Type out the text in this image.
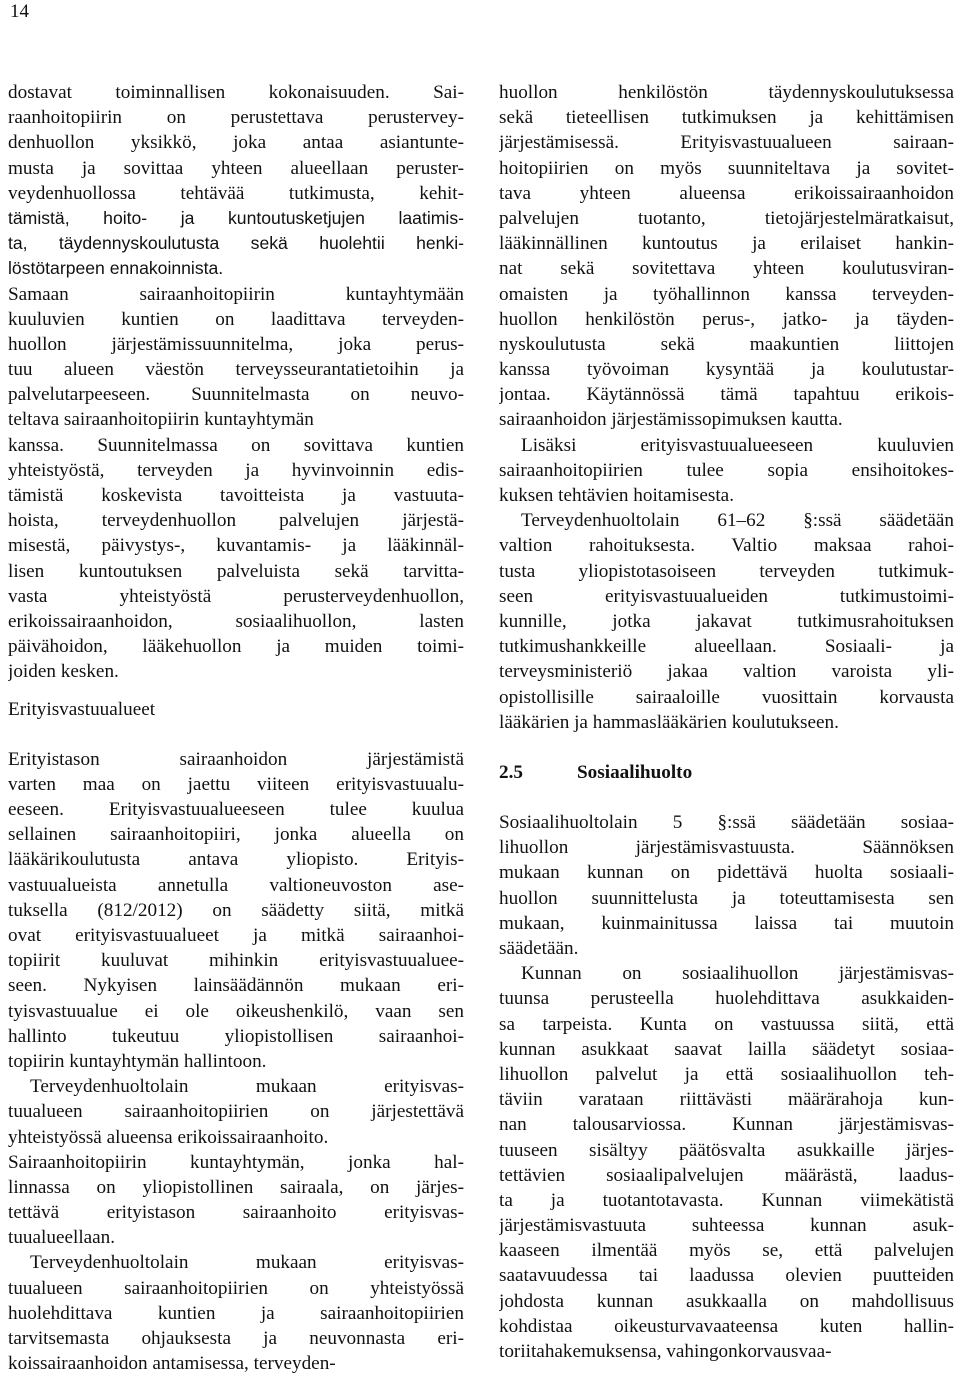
14
dostavat toiminnallisen kokonaisuuden. Sai-
raanhoitopiirin on perustettava perustervey-
denhuollon yksikkö, joka antaa asiantunte-
musta ja sovittaa yhteen alueellaan peruster-
veydenhuollossa tehtävää tutkimusta, kehit-
tämistä, hoito- ja kuntoutusketjujen laatimis-
ta, täydennyskoulutusta sekä huolehtii henki-
löstötarpeen ennakoinnista.
Samaan sairaanhoitopiirin kuntayhtymään
kuuluvien kuntien on laadittava terveyden-
huollon järjestämissuunnitelma, joka perus-
tuu alueen väestön terveysseurantatietoihin ja
palvelutarpeeseen. Suunnitelmasta on neuvo-
teltava sairaanhoitopiirin kuntayhtymän
kanssa. Suunnitelmassa on sovittava kuntien
yhteistyöstä, terveyden ja hyvinvoinnin edis-
tämistä koskevista tavoitteista ja vastuuta-
hoista, terveydenhuollon palvelujen järjestä-
misestä, päivystys-, kuvantamis- ja lääkinnäl-
lisen kuntoutuksen palveluista sekä tarvitta-
vasta yhteistyöstä perusterveydenhuollon,
erikoissairaanhoidon, sosiaalihuollon, lasten
päivähoidon, lääkehuollon ja muiden toimi-
joiden kesken.
Erityisvastuualueet
Erityistason sairaanhoidon järjestämistä
varten maa on jaettu viiteen erityisvastuualu-
eeseen. Erityisvastuualueeseen tulee kuulua
sellainen sairaanhoitopiiri, jonka alueella on
lääkärikoulutusta antava yliopisto. Erityis-
vastuualueista annetulla valtioneuvoston ase-
tuksella (812/2012) on säädetty siitä, mitkä
ovat erityisvastuualueet ja mitkä sairaanhoi-
topiirit kuuluvat mihinkin erityisvastuualuee-
seen. Nykyisen lainsäädännön mukaan eri-
tyisvastuualue ei ole oikeushenkilö, vaan sen
hallinto tukeutuu yliopistollisen sairaanhoi-
topiirin kuntayhtymän hallintoon.
Terveydenhuoltolain mukaan erityisvas-
tuualueen sairaanhoitopiirien on järjestettävä
yhteistyössä alueensa erikoissairaanhoito.
Sairaanhoitopiirin kuntayhtymän, jonka hal-
linnassa on yliopistollinen sairaala, on järjes-
tettävä erityistason sairaanhoito erityisvas-
tuualueellaan.
Terveydenhuoltolain mukaan erityisvas-
tuualueen sairaanhoitopiirien on yhteistyössä
huolehdittava kuntien ja sairaanhoitopiirien
tarvitsemasta ohjauksesta ja neuvonnasta eri-
koissairaanhoidon antamisessa, terveyden-
huollon henkilöstön täydennyskoulutuksessa
sekä tieteellisen tutkimuksen ja kehittämisen
järjestämisessä. Erityisvastuualueen sairaan-
hoitopiirien on myös suunniteltava ja sovitet-
tava yhteen alueensa erikoissairaanhoidon
palvelujen tuotanto, tietojärjestelmäratkaisut,
lääkinnällinen kuntoutus ja erilaiset hankin-
nat sekä sovitettava yhteen koulutusviran-
omaisten ja työhallinnon kanssa terveyden-
huollon henkilöstön perus-, jatko- ja täyden-
nyskoulutusta sekä maakuntien liittojen
kanssa työvoiman kysyntää ja koulutustar-
jontaa. Käytännössä tämä tapahtuu erikois-
sairaanhoidon järjestämissopimuksen kautta.
Lisäksi erityisvastuualueeseen kuuluvien
sairaanhoitopiirien tulee sopia ensihoitokes-
kuksen tehtävien hoitamisesta.
Terveydenhuoltolain 61–62 §:ssä säädetään
valtion rahoituksesta. Valtio maksaa rahoi-
tusta yliopistotasoiseen terveyden tutkimuk-
seen erityisvastuualueiden tutkimustoimi-
kunnille, jotka jakavat tutkimusrahoituksen
tutkimushankkeille alueellaan. Sosiaali- ja
terveysministeriö jakaa valtion varoista yli-
opistollisille sairaaloille vuosittain korvausta
lääkärien ja hammaslääkärien koulutukseen.
2.5	Sosiaalihuolto
Sosiaalihuoltolain 5 §:ssä säädetään sosiaa-
lihuollon järjestämisvastuusta. Säännöksen
mukaan kunnan on pidettävä huolta sosiaali-
huollon suunnittelusta ja toteuttamisesta sen
mukaan, kuinmainitussa laissa tai muutoin
säädetään.
Kunnan on sosiaalihuollon järjestämisvas-
tuunsa perusteella huolehdittava asukkaiden-
sa tarpeista. Kunta on vastuussa siitä, että
kunnan asukkaat saavat lailla säädetyt sosiaa-
lihuollon palvelut ja että sosiaalihuollon teh-
täviin varataan riittävästi määrärahoja kun-
nan talousarviossa. Kunnan järjestämisvas-
tuuseen sisältyy päätösvalta asukkaille järjes-
tettävien sosiaalipalvelujen määrästä, laadus-
ta ja tuotantotavasta. Kunnan viimekätistä
järjestämisvastuuta suhteessa kunnan asuk-
kaaseen ilmentää myös se, että palvelujen
saatavuudessa tai laadussa olevien puutteiden
johdosta kunnan asukkaalla on mahdollisuus
kohdistaa oikeusturvavaateensa kuten hallin-
toriitahakemuksensa, vahingonkorvausvaa-
